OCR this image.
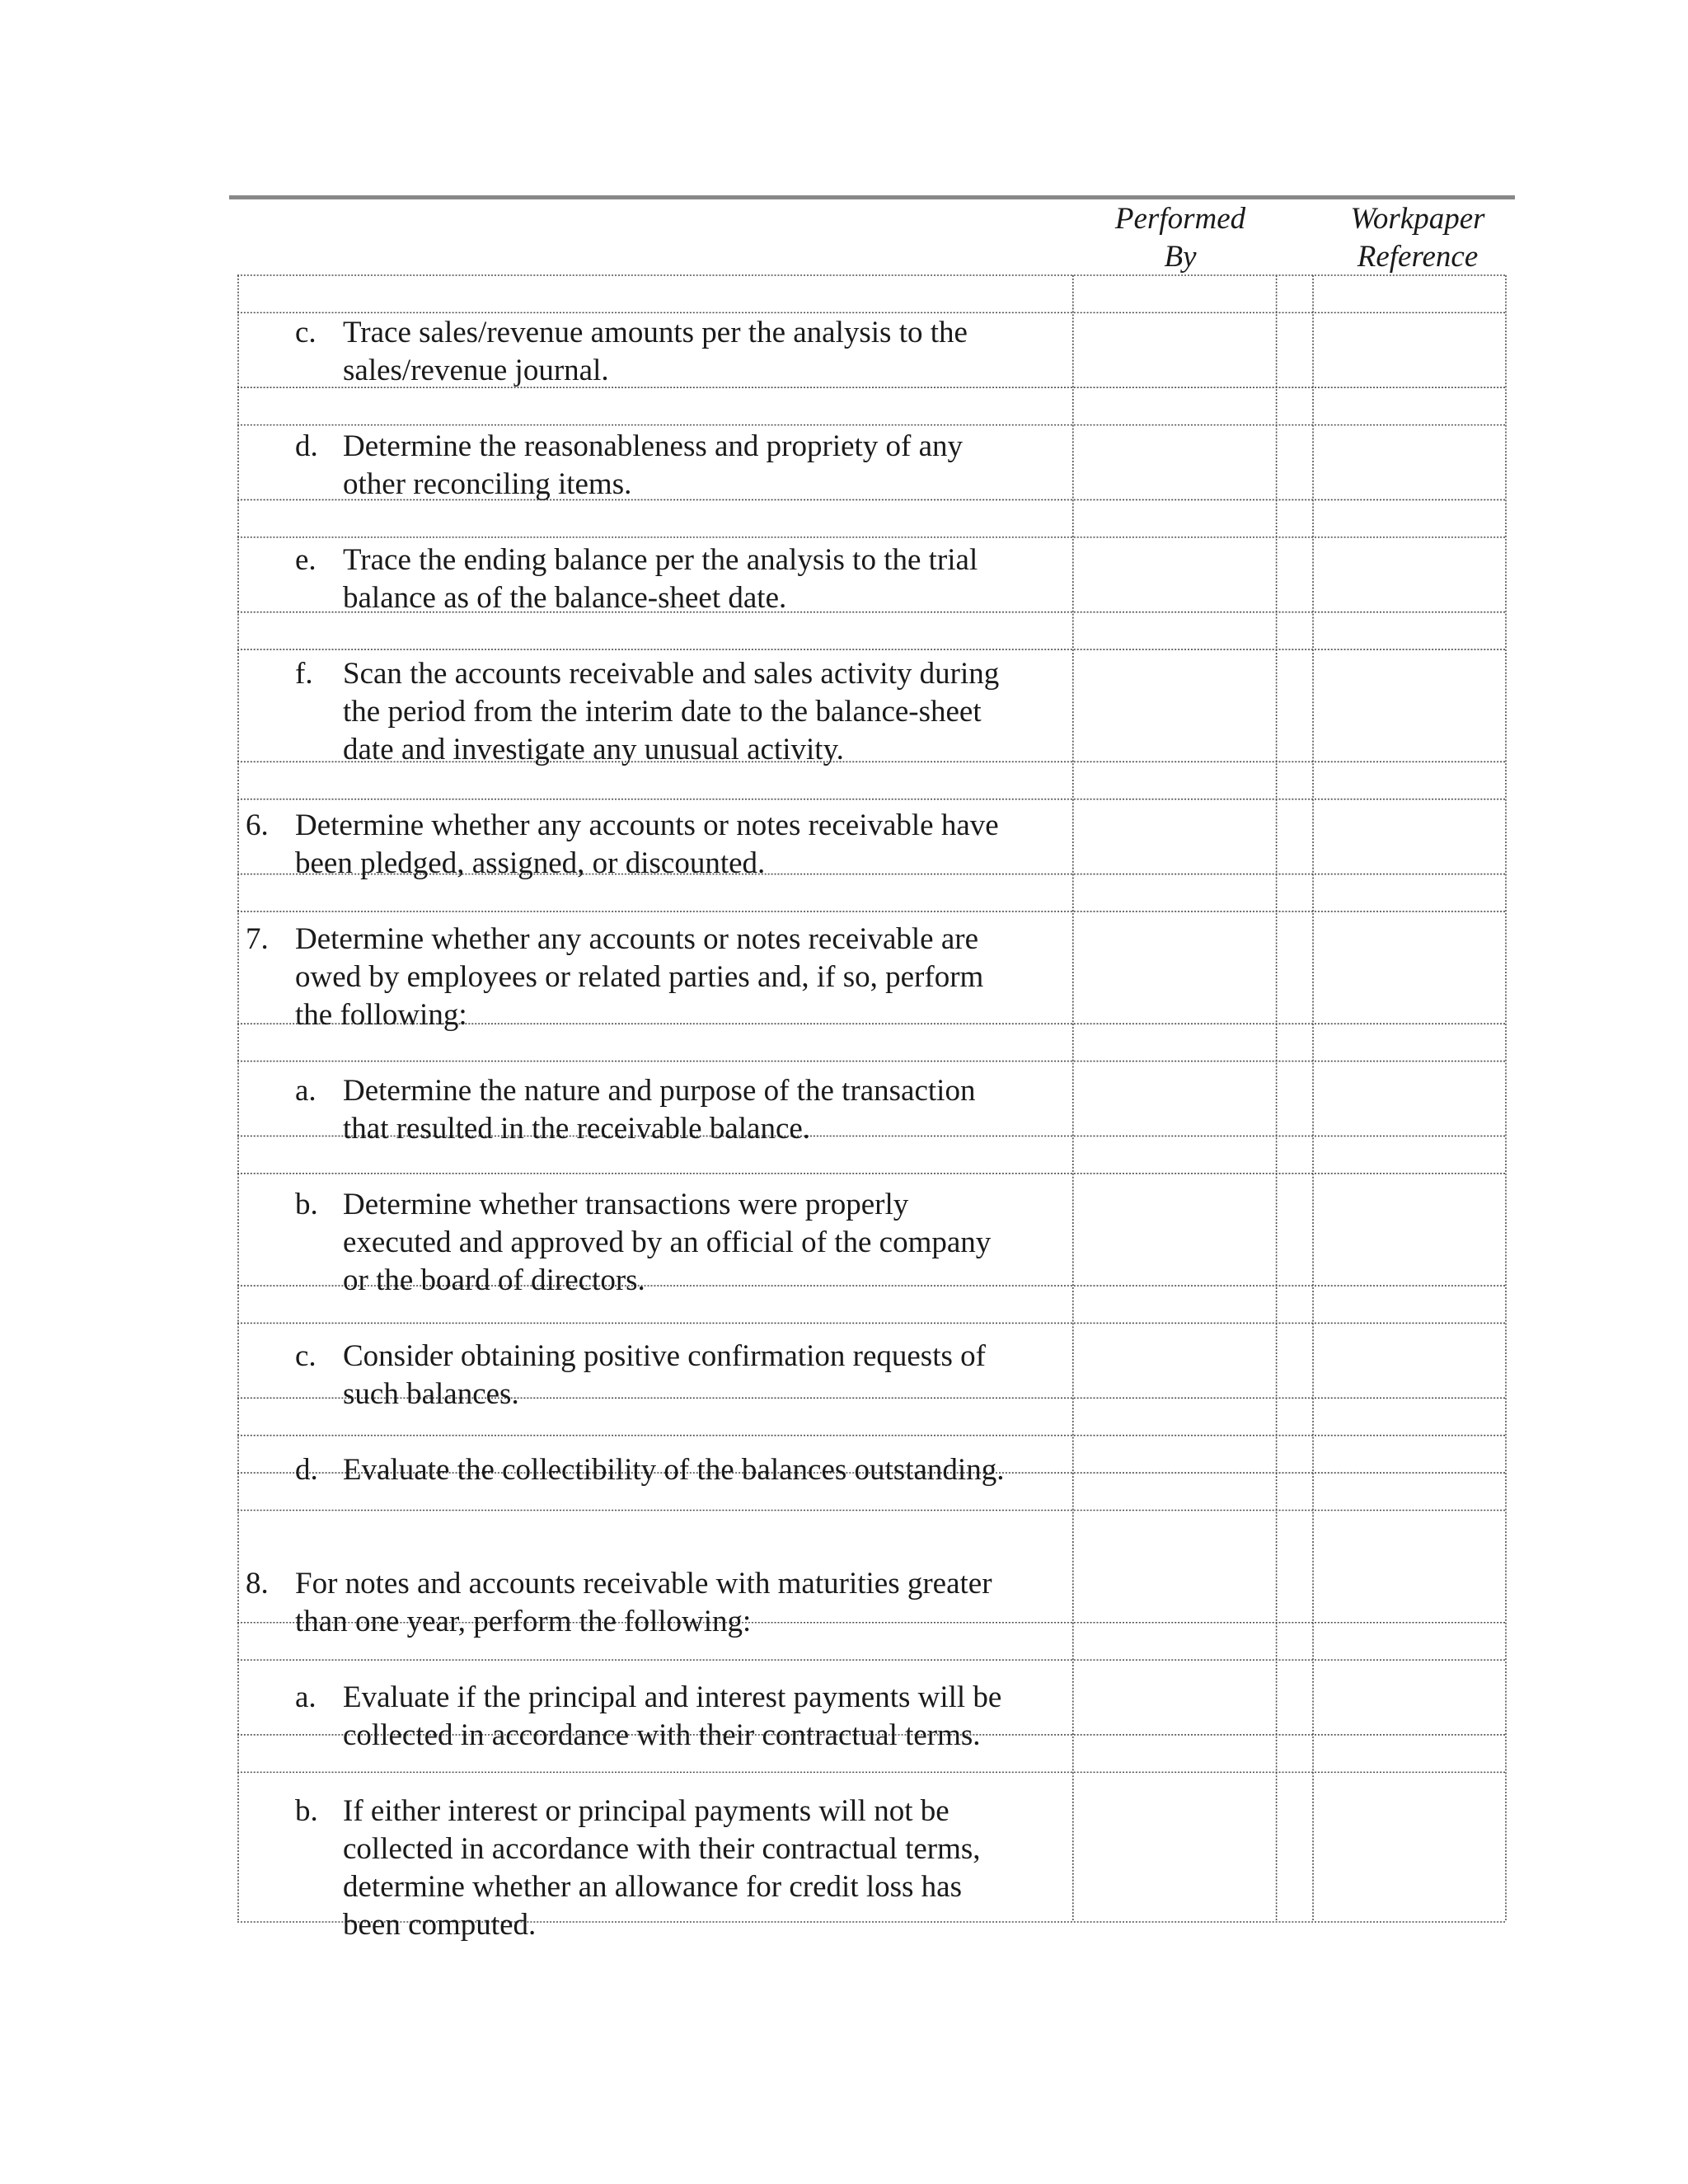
Performed
By
Workpaper
Reference
c. Trace sales/revenue amounts per the analysis to the
sales/revenue journal.
d. Determine the reasonableness and propriety of any
other reconciling items.
e. Trace the ending balance per the analysis to the trial
balance as of the balance-sheet date.
f. Scan the accounts receivable and sales activity during
the period from the interim date to the balance-sheet
date and investigate any unusual activity.
6. Determine whether any accounts or notes receivable have
been pledged, assigned, or discounted.
7. Determine whether any accounts or notes receivable are
owed by employees or related parties and, if so, perform
the following:
a. Determine the nature and purpose of the transaction
that resulted in the receivable balance.
b. Determine whether transactions were properly
executed and approved by an official of the company
or the board of directors.
c. Consider obtaining positive confirmation requests of
such balances.
d. Evaluate the collectibility of the balances outstanding.
8. For notes and accounts receivable with maturities greater
than one year, perform the following:
a. Evaluate if the principal and interest payments will be
collected in accordance with their contractual terms.
b. If either interest or principal payments will not be
collected in accordance with their contractual terms,
determine whether an allowance for credit loss has
been computed.
